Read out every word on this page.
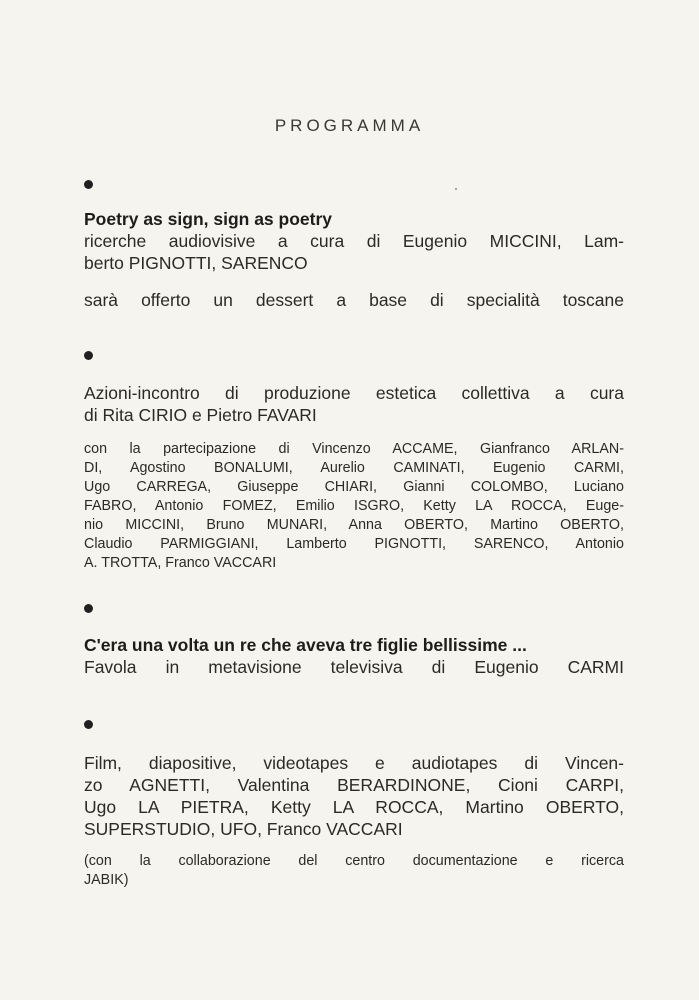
PROGRAMMA
Poetry as sign, sign as poetry
ricerche audiovisive a cura di Eugenio MICCINI, Lam-
berto PIGNOTTI, SARENCO
sarà offerto un dessert a base di specialità toscane
Azioni-incontro di produzione estetica collettiva a cura
di Rita CIRIO e Pietro FAVARI
con la partecipazione di Vincenzo ACCAME, Gianfranco ARLAN-
DI, Agostino BONALUMI, Aurelio CAMINATI, Eugenio CARMI,
Ugo CARREGA, Giuseppe CHIARI, Gianni COLOMBO, Luciano
FABRO, Antonio FOMEZ, Emilio ISGRO, Ketty LA ROCCA, Euge-
nio MICCINI, Bruno MUNARI, Anna OBERTO, Martino OBERTO,
Claudio PARMIGGIANI, Lamberto PIGNOTTI, SARENCO, Antonio
A. TROTTA, Franco VACCARI
C'era una volta un re che aveva tre figlie bellissime ...
Favola in metavisione televisiva di Eugenio CARMI
Film, diapositive, videotapes e audiotapes di Vincen-
zo AGNETTI, Valentina BERARDINONE, Cioni CARPI,
Ugo LA PIETRA, Ketty LA ROCCA, Martino OBERTO,
SUPERSTUDIO, UFO, Franco VACCARI
(con la collaborazione del centro documentazione e ricerca
JABIK)
